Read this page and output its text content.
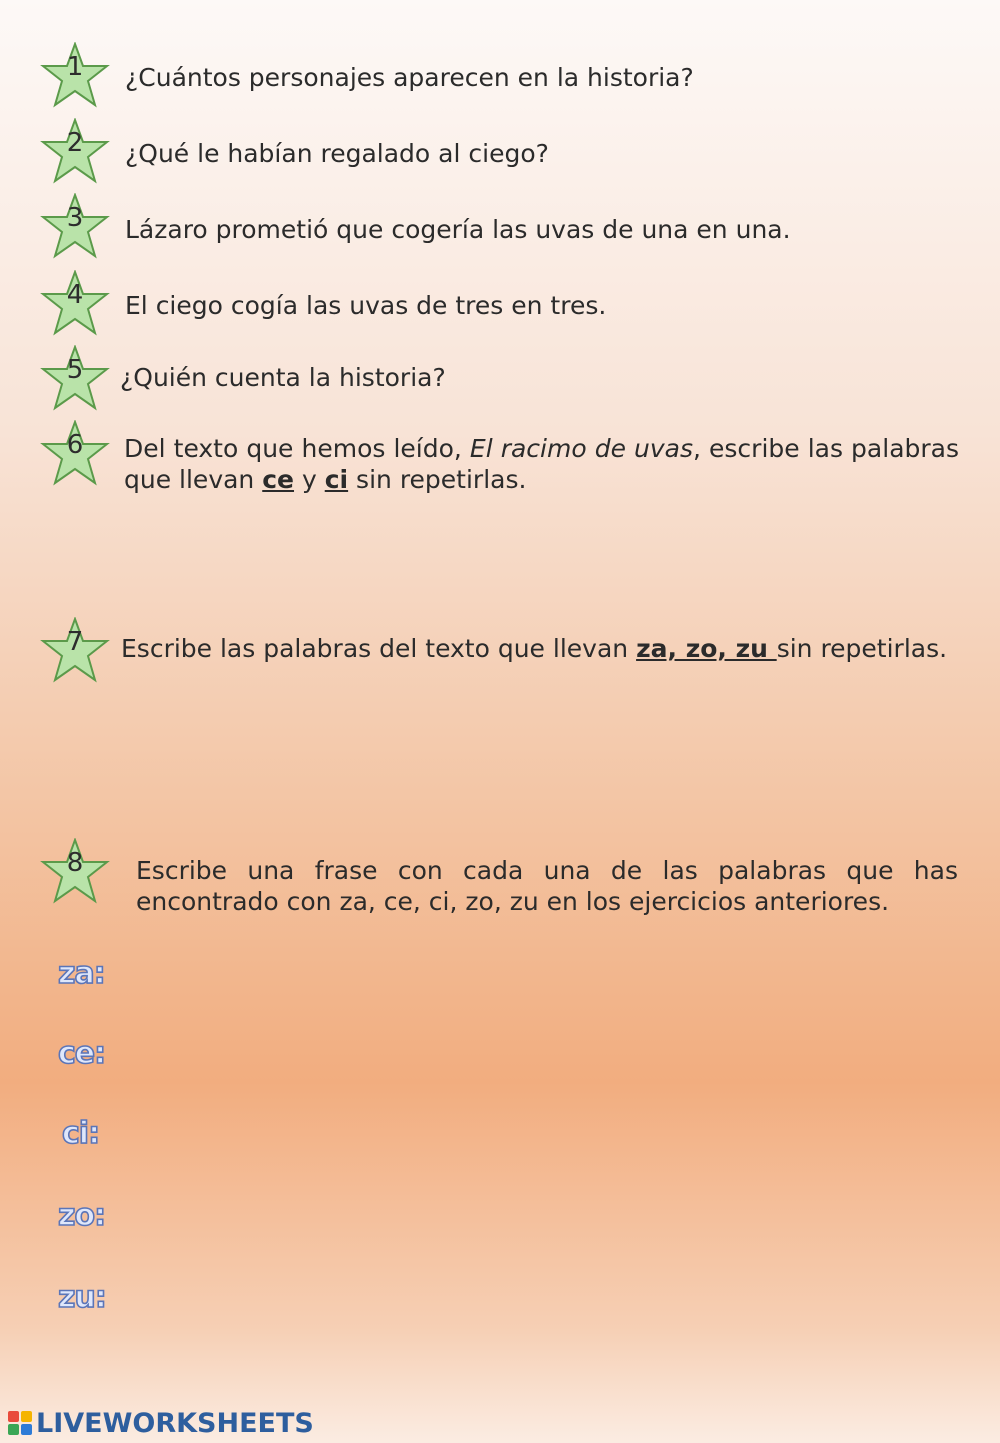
1	¿Cuántos personajes aparecen en la historia?
2	¿Qué le habían regalado al ciego?
3	Lázaro prometió que cogería las uvas de una en una.
4	El ciego cogía las uvas de tres en tres.
5	¿Quién cuenta la historia?
6	Del texto que hemos leído, El racimo de uvas, escribe las palabras que llevan ce y ci sin repetirlas.
7	Escribe las palabras del texto que llevan za, zo, zu sin repetirlas.
8	Escribe una frase con cada una de las palabras que has encontrado con za, ce, ci, zo, zu en los ejercicios anteriores.
za:
ce:
ci:
zo:
zu:
LIVEWORKSHEETS
